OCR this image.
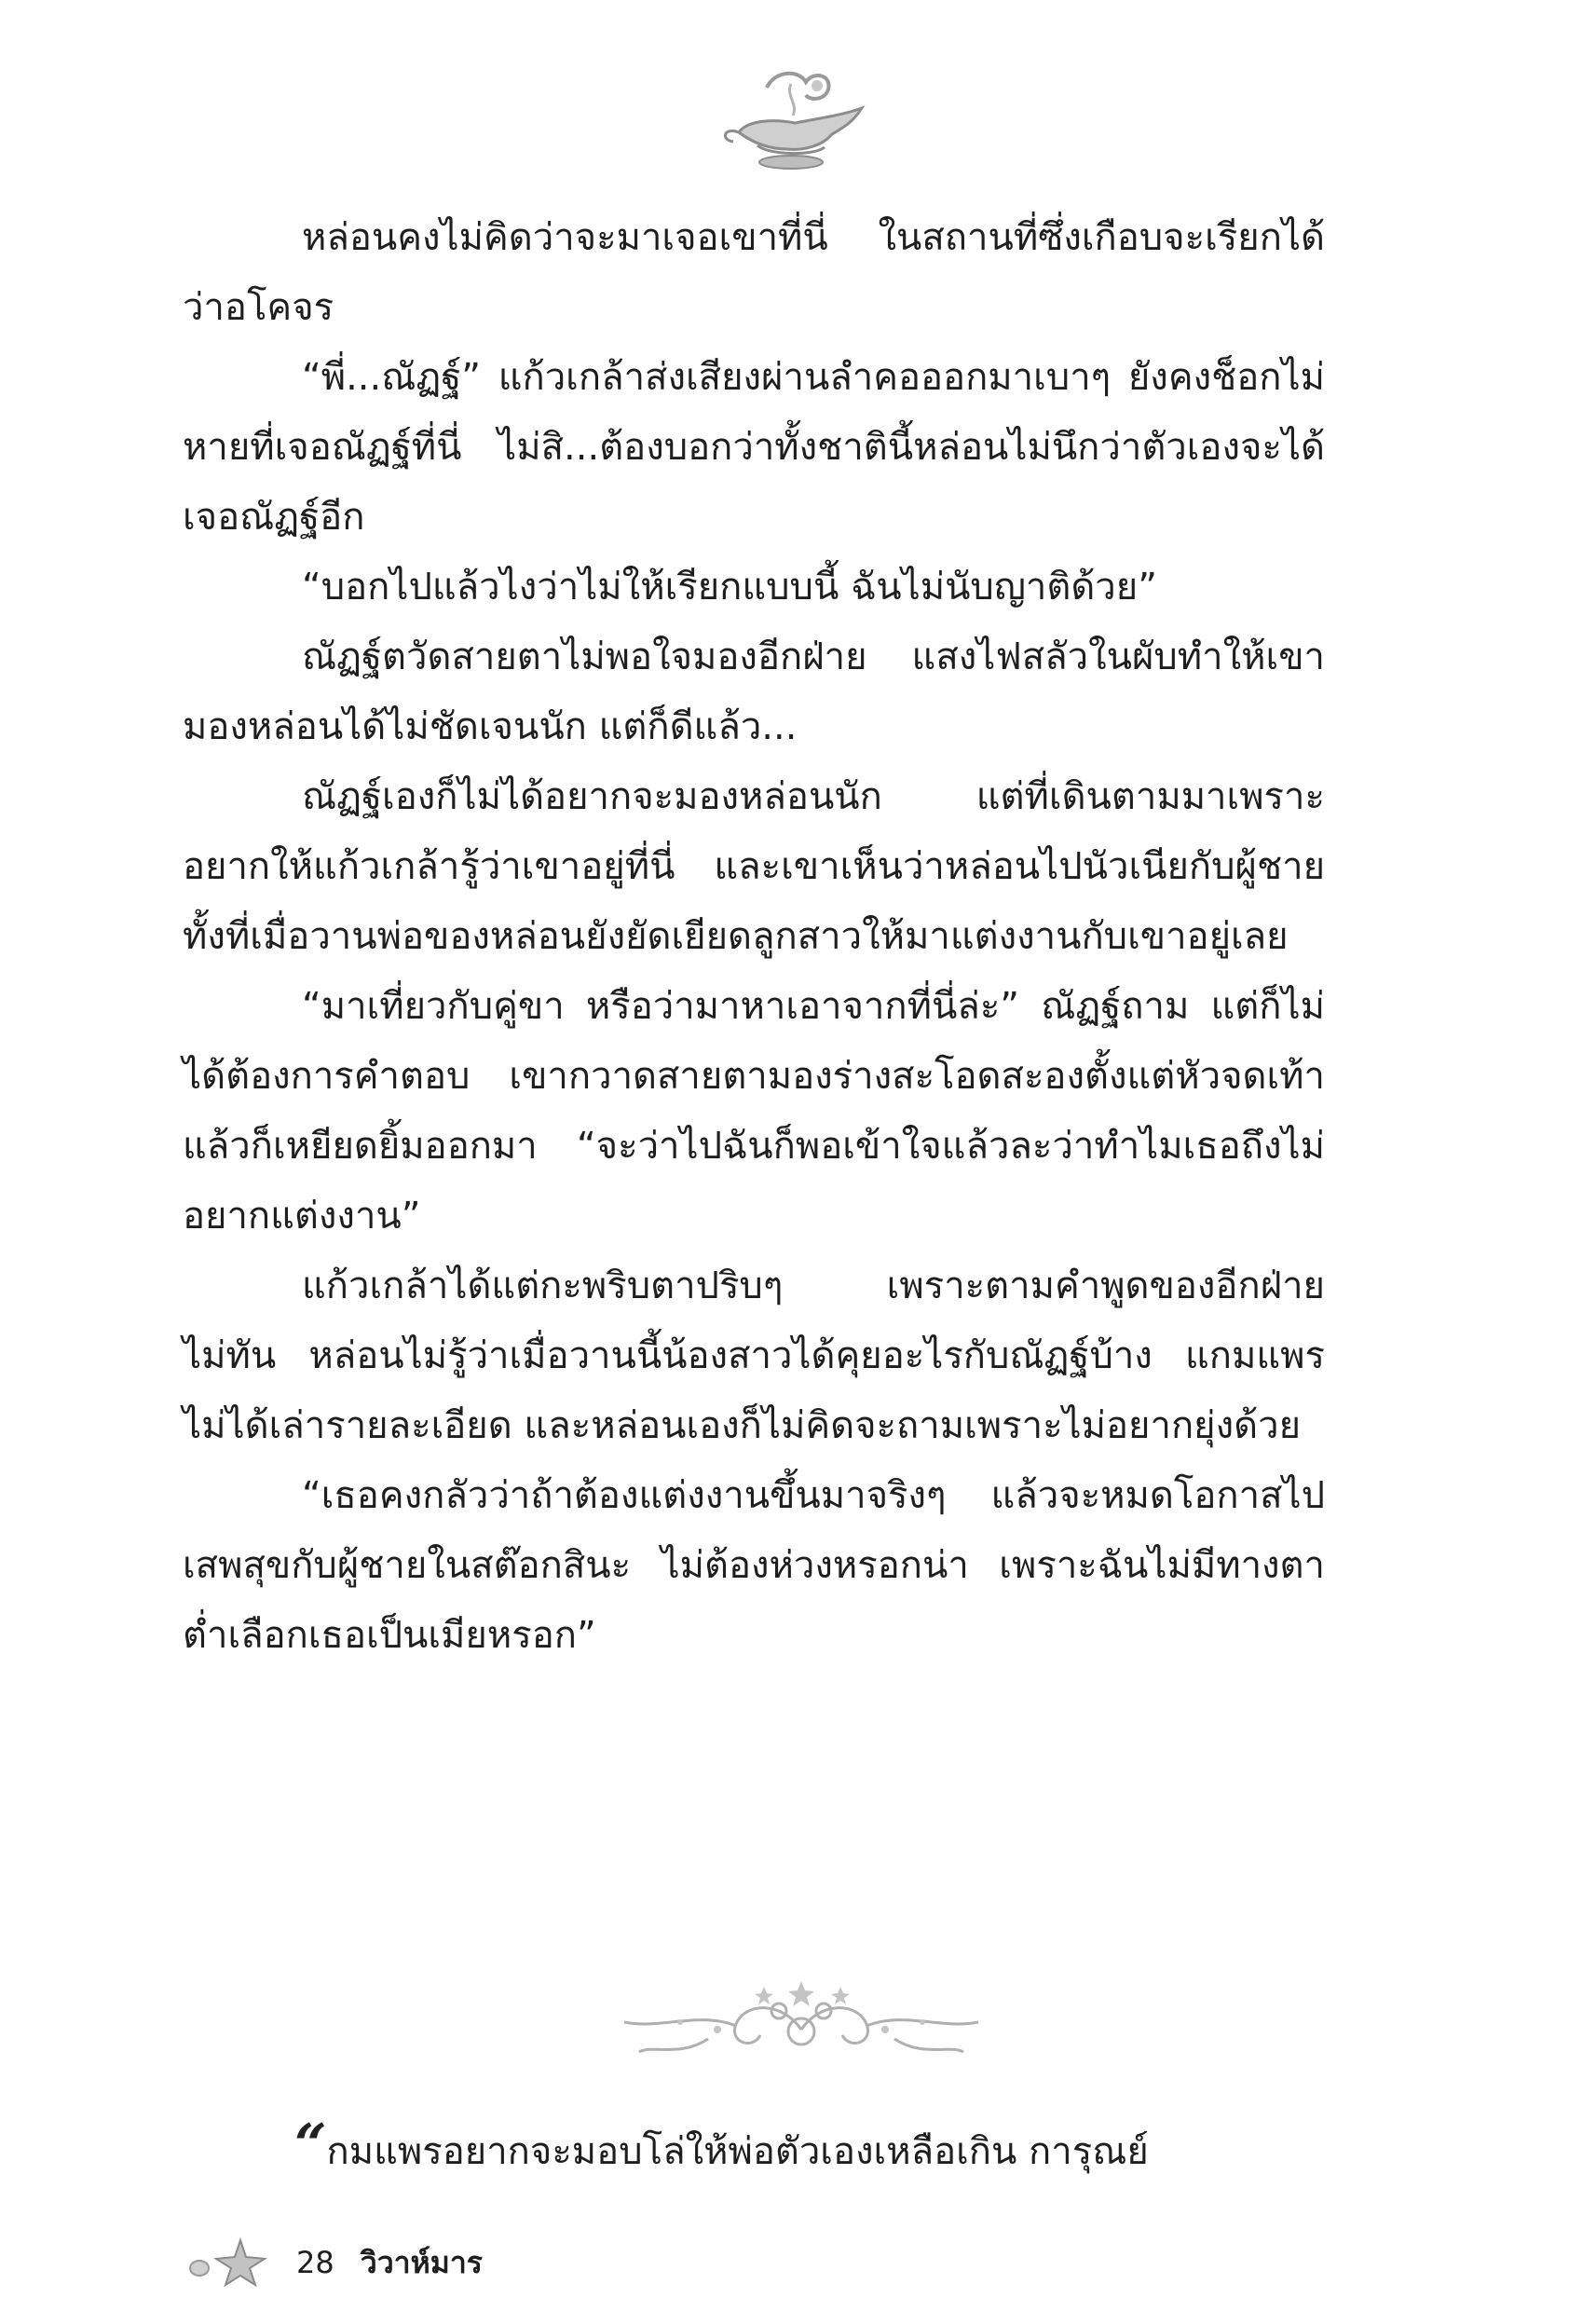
หล่อนคงไม่คิดว่าจะมาเจอเขาที่นี่ ในสถานที่ซึ่งเกือบจะเรียกได้ว่าอโคจร

“พี่...ณัฏฐ์” แก้วเกล้าส่งเสียงผ่านลำคอออกมาเบาๆ ยังคงช็อกไม่หายที่เจอณัฏฐ์ที่นี่ ไม่สิ...ต้องบอกว่าทั้งชาตินี้หล่อนไม่นึกว่าตัวเองจะได้เจอณัฏฐ์อีก

“บอกไปแล้วไงว่าไม่ให้เรียกแบบนี้ ฉันไม่นับญาติด้วย”

ณัฏฐ์ตวัดสายตาไม่พอใจมองอีกฝ่าย แสงไฟสลัวในผับทำให้เขามองหล่อนได้ไม่ชัดเจนนัก แต่ก็ดีแล้ว...

ณัฏฐ์เองก็ไม่ได้อยากจะมองหล่อนนัก แต่ที่เดินตามมาเพราะอยากให้แก้วเกล้ารู้ว่าเขาอยู่ที่นี่ และเขาเห็นว่าหล่อนไปนัวเนียกับผู้ชาย ทั้งที่เมื่อวานพ่อของหล่อนยังยัดเยียดลูกสาวให้มาแต่งงานกับเขาอยู่เลย

“มาเที่ยวกับคู่ขา หรือว่ามาหาเอาจากที่นี่ล่ะ” ณัฏฐ์ถาม แต่ก็ไม่ได้ต้องการคำตอบ เขากวาดสายตามองร่างสะโอดสะองตั้งแต่หัวจดเท้าแล้วก็เหยียดยิ้มออกมา “จะว่าไปฉันก็พอเข้าใจแล้วละว่าทำไมเธอถึงไม่อยากแต่งงาน”

แก้วเกล้าได้แต่กะพริบตาปริบๆ เพราะตามคำพูดของอีกฝ่ายไม่ทัน หล่อนไม่รู้ว่าเมื่อวานนี้น้องสาวได้คุยอะไรกับณัฏฐ์บ้าง แกมแพรไม่ได้เล่ารายละเอียด และหล่อนเองก็ไม่คิดจะถามเพราะไม่อยากยุ่งด้วย

“เธอคงกลัวว่าถ้าต้องแต่งงานขึ้นมาจริงๆ แล้วจะหมดโอกาสไปเสพสุขกับผู้ชายในสต๊อกสินะ ไม่ต้องห่วงหรอกน่า เพราะฉันไม่มีทางตาต่ำเลือกเธอเป็นเมียหรอก”

“กมแพรอยากจะมอบโล่ให้พ่อตัวเองเหลือเกิน การุณย์
28 วิวาห์มาร
